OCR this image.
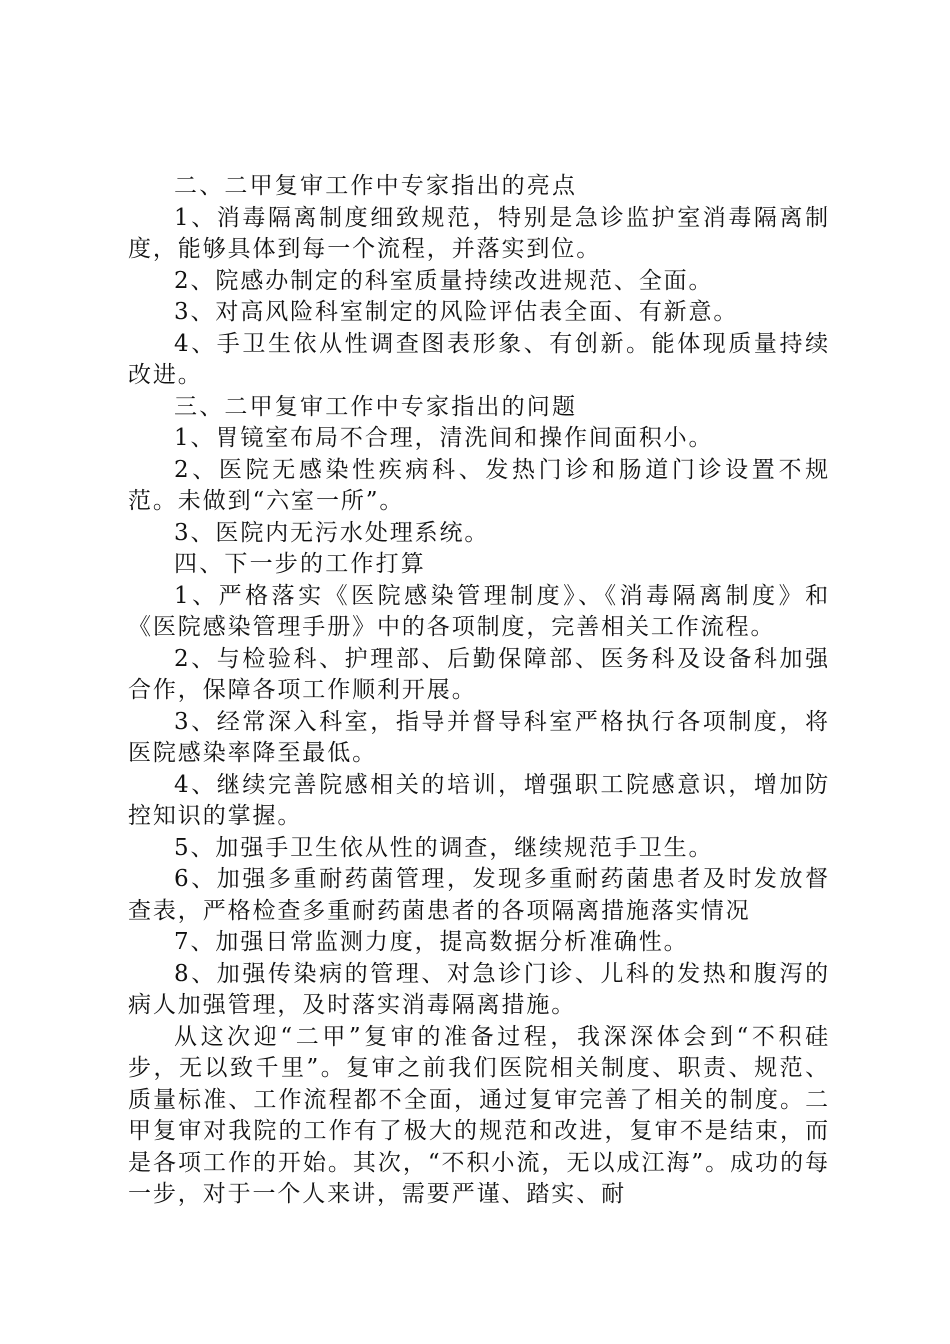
二、二甲复审工作中专家指出的亮点

1、消毒隔离制度细致规范，特别是急诊监护室消毒隔离制度，能够具体到每一个流程，并落实到位。

2、院感办制定的科室质量持续改进规范、全面。

3、对高风险科室制定的风险评估表全面、有新意。

4、手卫生依从性调查图表形象、有创新。能体现质量持续改进。

三、二甲复审工作中专家指出的问题

1、胃镜室布局不合理，清洗间和操作间面积小。

2、医院无感染性疾病科、发热门诊和肠道门诊设置不规范。未做到“六室一所”。

3、医院内无污水处理系统。

四、下一步的工作打算

1、严格落实《医院感染管理制度》、《消毒隔离制度》和《医院感染管理手册》中的各项制度，完善相关工作流程。

2、与检验科、护理部、后勤保障部、医务科及设备科加强合作，保障各项工作顺利开展。

3、经常深入科室，指导并督导科室严格执行各项制度，将医院感染率降至最低。

4、继续完善院感相关的培训，增强职工院感意识，增加防控知识的掌握。

5、加强手卫生依从性的调查，继续规范手卫生。

6、加强多重耐药菌管理，发现多重耐药菌患者及时发放督查表，严格检查多重耐药菌患者的各项隔离措施落实情况

7、加强日常监测力度，提高数据分析准确性。

8、加强传染病的管理、对急诊门诊、儿科的发热和腹泻的病人加强管理，及时落实消毒隔离措施。

从这次迎“二甲”复审的准备过程，我深深体会到“不积硅步，无以致千里”。复审之前我们医院相关制度、职责、规范、质量标准、工作流程都不全面，通过复审完善了相关的制度。二甲复审对我院的工作有了极大的规范和改进，复审不是结束，而是各项工作的开始。其次，“不积小流，无以成江海”。成功的每一步，对于一个人来讲，需要严谨、踏实、耐
